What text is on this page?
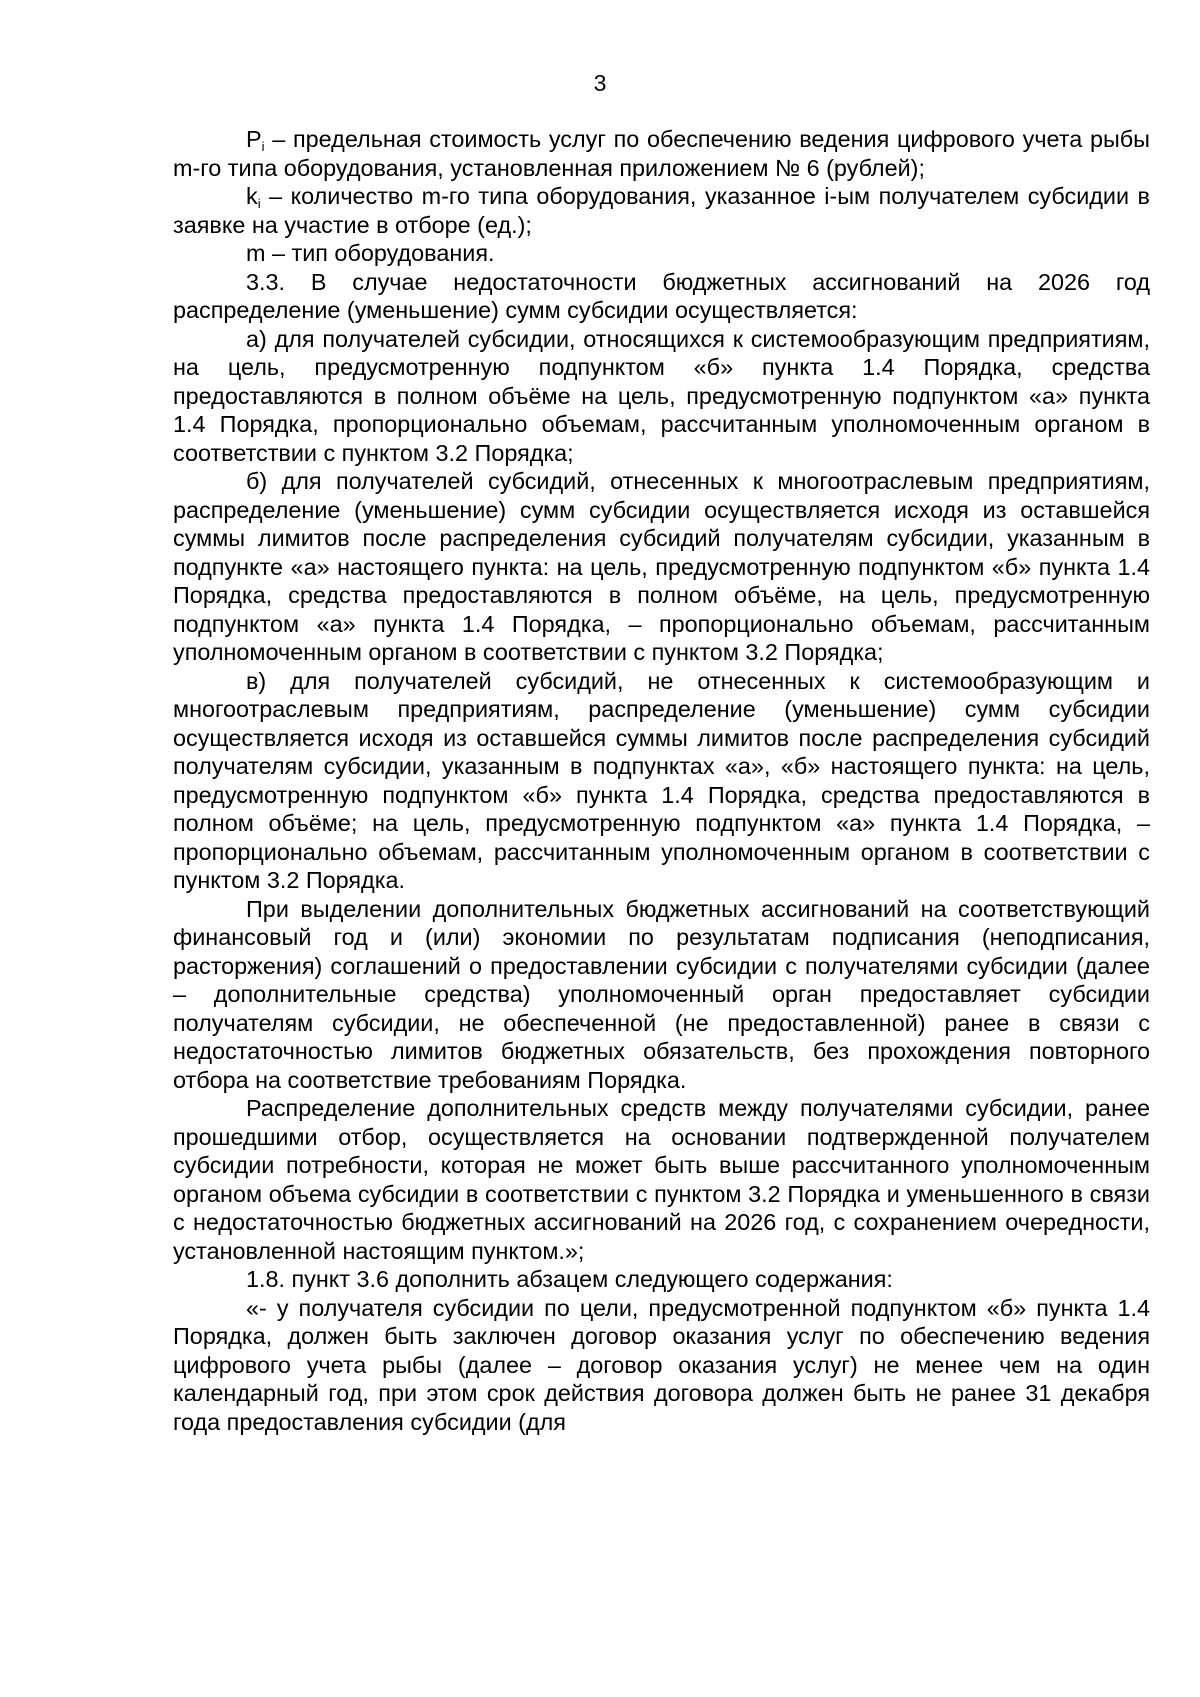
3

$P_i$ – предельная стоимость услуг по обеспечению ведения цифрового учета рыбы m-го типа оборудования, установленная приложением № 6 (рублей);

$k_i$ – количество m-го типа оборудования, указанное i-ым получателем субсидии в заявке на участие в отборе (ед.);

m – тип оборудования.

3.3. В случае недостаточности бюджетных ассигнований на 2026 год распределение (уменьшение) сумм субсидии осуществляется:

а) для получателей субсидии, относящихся к системообразующим предприятиям, на цель, предусмотренную подпунктом «б» пункта 1.4 Порядка, средства предоставляются в полном объёме на цель, предусмотренную подпунктом «а» пункта 1.4 Порядка, пропорционально объемам, рассчитанным уполномоченным органом в соответствии с пунктом 3.2 Порядка;

б) для получателей субсидий, отнесенных к многоотраслевым предприятиям, распределение (уменьшение) сумм субсидии осуществляется исходя из оставшейся суммы лимитов после распределения субсидий получателям субсидии, указанным в подпункте «а» настоящего пункта: на цель, предусмотренную подпунктом «б» пункта 1.4 Порядка, средства предоставляются в полном объёме, на цель, предусмотренную подпунктом «а» пункта 1.4 Порядка, – пропорционально объемам, рассчитанным уполномоченным органом в соответствии с пунктом 3.2 Порядка;

в) для получателей субсидий, не отнесенных к системообразующим и многоотраслевым предприятиям, распределение (уменьшение) сумм субсидии осуществляется исходя из оставшейся суммы лимитов после распределения субсидий получателям субсидии, указанным в подпунктах «а», «б» настоящего пункта: на цель, предусмотренную подпунктом «б» пункта 1.4 Порядка, средства предоставляются в полном объёме; на цель, предусмотренную подпунктом «а» пункта 1.4 Порядка, – пропорционально объемам, рассчитанным уполномоченным органом в соответствии с пунктом 3.2 Порядка.

При выделении дополнительных бюджетных ассигнований на соответствующий финансовый год и (или) экономии по результатам подписания (неподписания, расторжения) соглашений о предоставлении субсидии с получателями субсидии (далее – дополнительные средства) уполномоченный орган предоставляет субсидии получателям субсидии, не обеспеченной (не предоставленной) ранее в связи с недостаточностью лимитов бюджетных обязательств, без прохождения повторного отбора на соответствие требованиям Порядка.

Распределение дополнительных средств между получателями субсидии, ранее прошедшими отбор, осуществляется на основании подтвержденной получателем субсидии потребности, которая не может быть выше рассчитанного уполномоченным органом объема субсидии в соответствии с пунктом 3.2 Порядка и уменьшенного в связи с недостаточностью бюджетных ассигнований на 2026 год, с сохранением очередности, установленной настоящим пунктом.»;

1.8. пункт 3.6 дополнить абзацем следующего содержания:

«- у получателя субсидии по цели, предусмотренной подпунктом «б» пункта 1.4 Порядка, должен быть заключен договор оказания услуг по обеспечению ведения цифрового учета рыбы (далее – договор оказания услуг) не менее чем на один календарный год, при этом срок действия договора должен быть не ранее 31 декабря года предоставления субсидии (для
